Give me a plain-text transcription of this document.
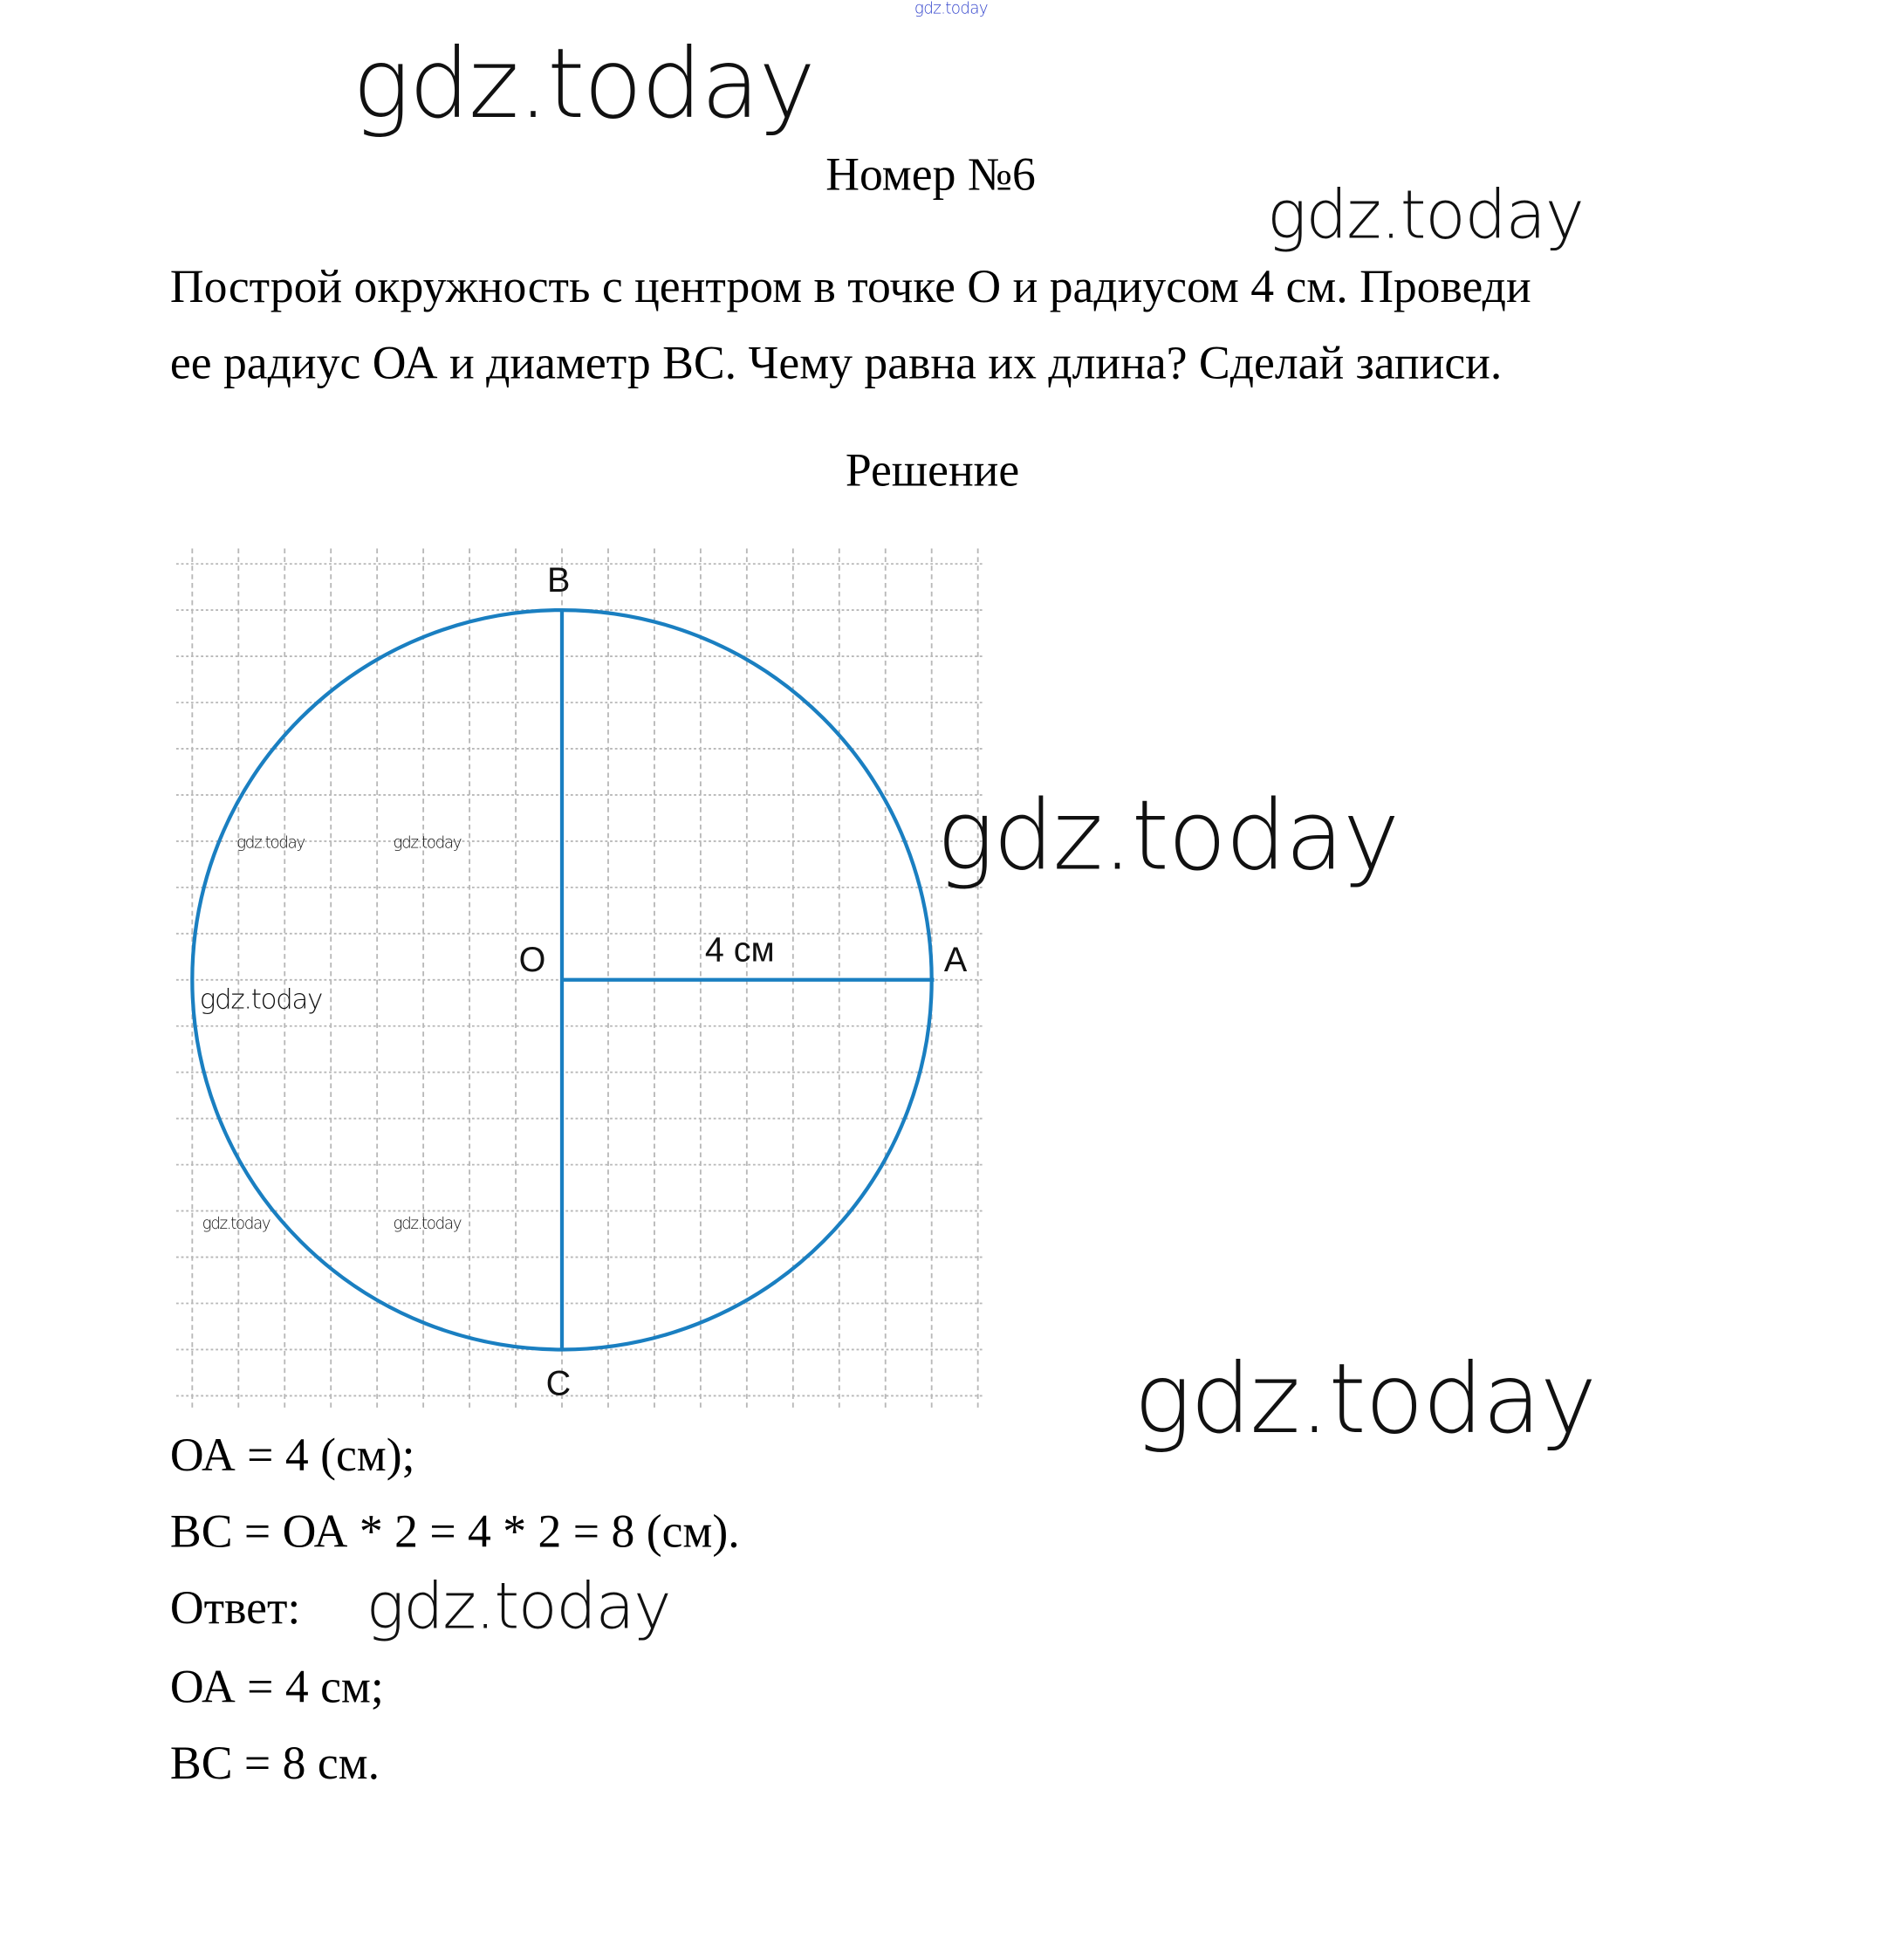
gdz.today
gdz.today
Номер №6
gdz.today
Построй окружность с центром в точке О и радиусом 4 см. Проведи
ее радиус ОА и диаметр ВС. Чему равна их длина? Сделай записи.
Решение
B
O	A
C
4 см
gdz.today	gdz.today
gdz.today
gdz.today	gdz.today
gdz.today
gdz.today
ОА = 4 (см);
ВС = ОА * 2 = 4 * 2 = 8 (см).
Ответ:
ОА = 4 см;
ВС = 8 см.
gdz.today
